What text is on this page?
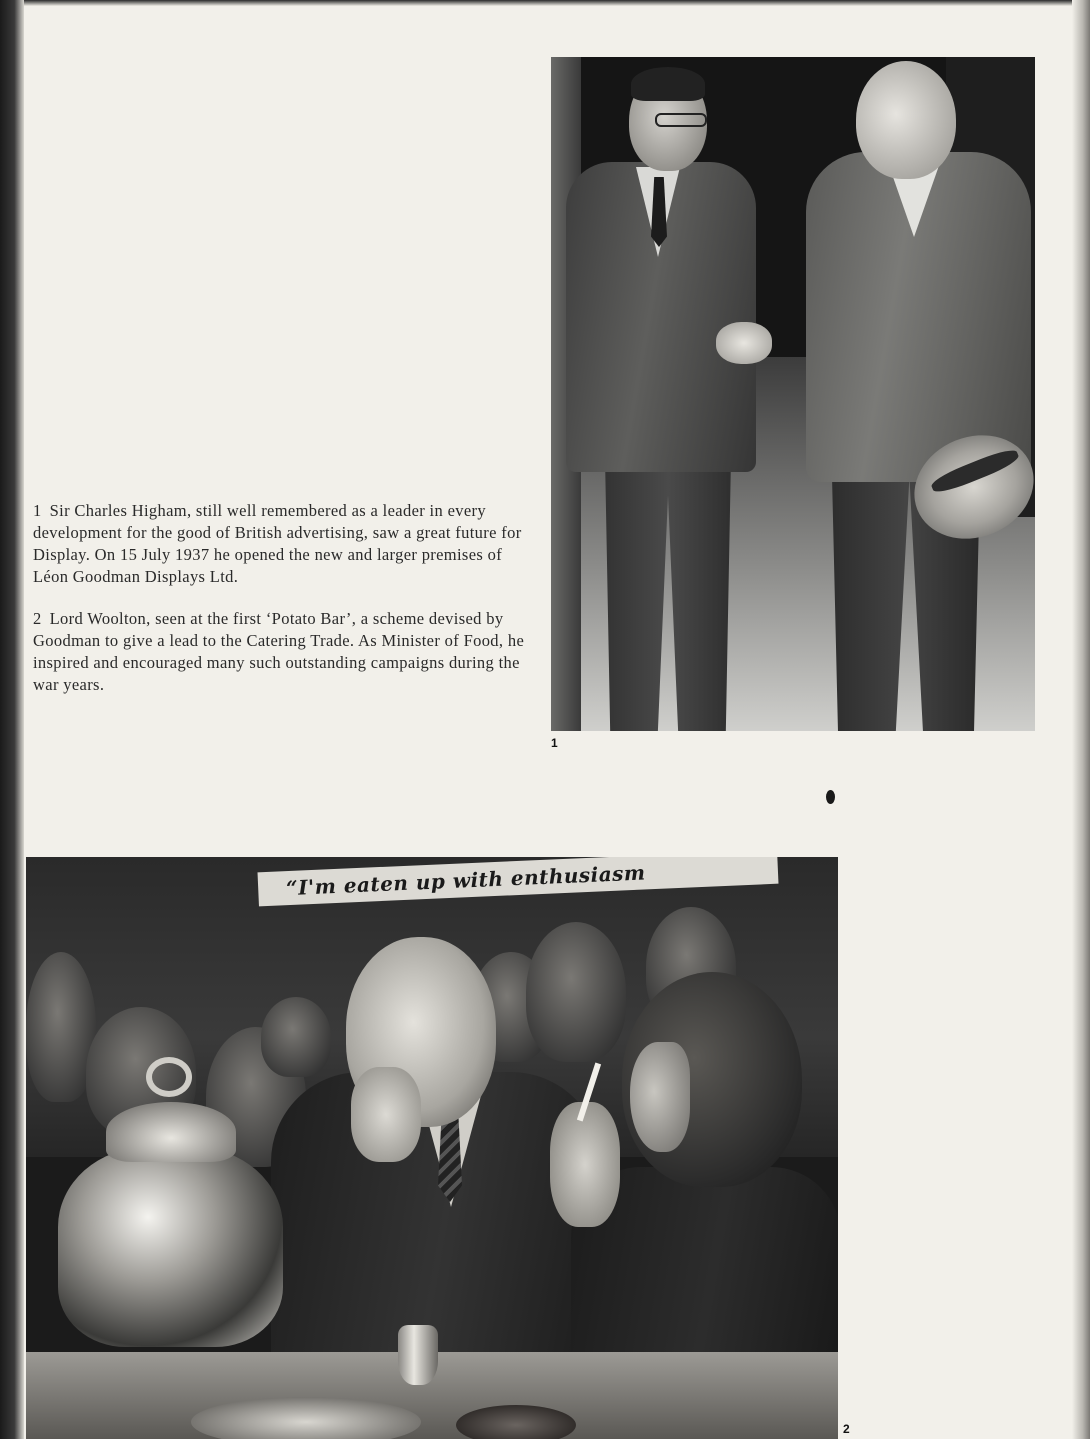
1 Sir Charles Higham, still well remembered as a leader in every development for the good of British advertising, saw a great future for Display. On 15 July 1937 he opened the new and larger premises of Léon Goodman Displays Ltd.

2 Lord Woolton, seen at the first ‘Potato Bar’, a scheme devised by Goodman to give a lead to the Catering Trade. As Minister of Food, he inspired and encouraged many such outstanding campaigns during the war years.

1
“I'm eaten up with enthusiasm
2
